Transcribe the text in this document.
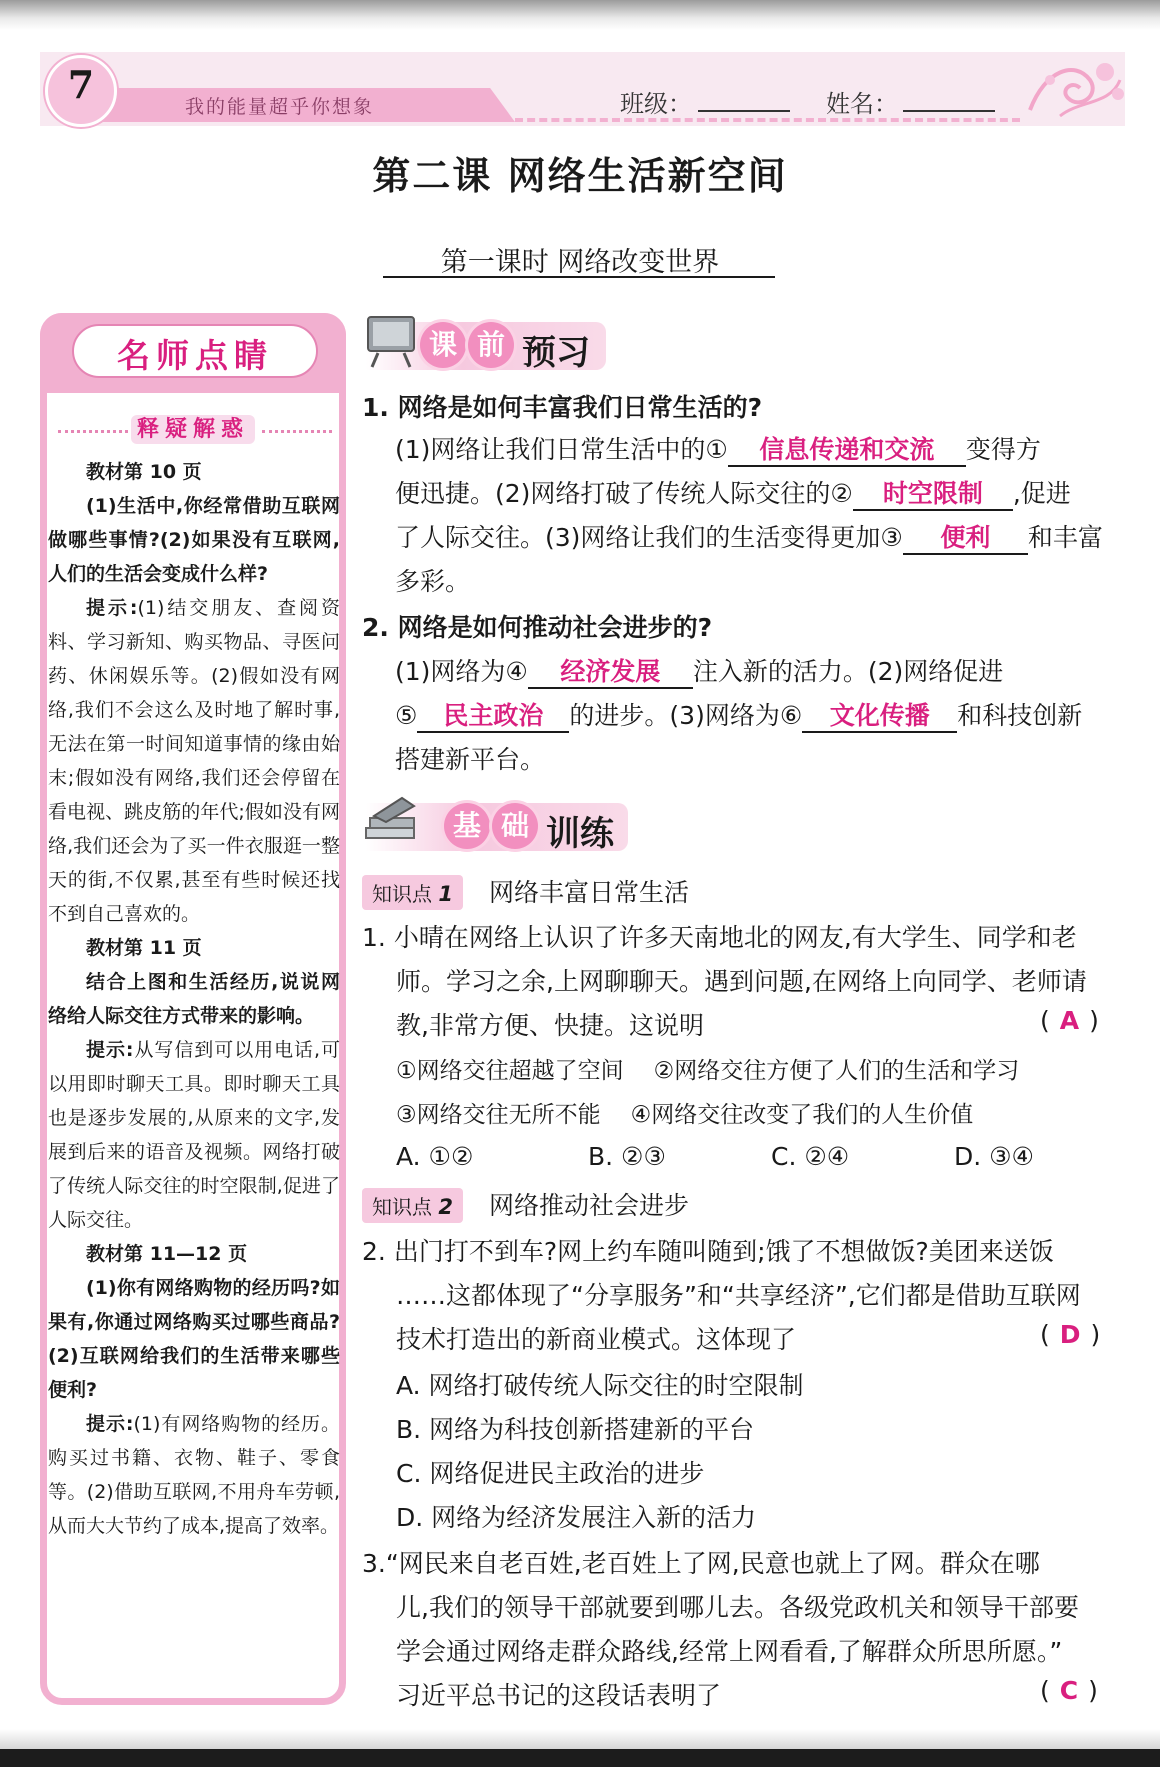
7	我的能量超乎你想象	班级：	姓名：
第二课 网络生活新空间
第一课时 网络改变世界
名师点睛
释疑解惑

教材第 10 页

(1)生活中,你经常借助互联网做哪些事情?(2)如果没有互联网,人们的生活会变成什么样?

提示:(1)结交朋友、查阅资料、学习新知、购买物品、寻医问药、休闲娱乐等。(2)假如没有网络,我们不会这么及时地了解时事,无法在第一时间知道事情的缘由始末;假如没有网络,我们还会停留在看电视、跳皮筋的年代;假如没有网络,我们还会为了买一件衣服逛一整天的街,不仅累,甚至有些时候还找不到自己喜欢的。

教材第 11 页

结合上图和生活经历,说说网络给人际交往方式带来的影响。

提示:从写信到可以用电话,可以用即时聊天工具。即时聊天工具也是逐步发展的,从原来的文字,发展到后来的语音及视频。网络打破了传统人际交往的时空限制,促进了人际交往。

教材第 11—12 页

(1)你有网络购物的经历吗?如果有,你通过网络购买过哪些商品?(2)互联网给我们的生活带来哪些便利?

提示:(1)有网络购物的经历。购买过书籍、衣物、鞋子、零食等。(2)借助互联网,不用舟车劳顿,从而大大节约了成本,提高了效率。

课 前 预习
1. 网络是如何丰富我们日常生活的?
(1)网络让我们日常生活中的① 信息传递和交流 变得方
便迅捷。(2)网络打破了传统人际交往的② 时空限制 ,促进
了人际交往。(3)网络让我们的生活变得更加③ 便利 和丰富
多彩。
2. 网络是如何推动社会进步的?
(1)网络为④ 经济发展 注入新的活力。(2)网络促进
⑤ 民主政治 的进步。(3)网络为⑥ 文化传播 和科技创新
搭建新平台。
基 础 训练
知识点 1 网络丰富日常生活
1. 小晴在网络上认识了许多天南地北的网友,有大学生、同学和老
师。学习之余,上网聊聊天。遇到问题,在网络上向同学、老师请
教,非常方便、快捷。这说明	( A )
①网络交往超越了空间 ②网络交往方便了人们的生活和学习
③网络交往无所不能 ④网络交往改变了我们的人生价值
A. ①②	B. ②③	C. ②④	D. ③④
知识点 2 网络推动社会进步
2. 出门打不到车?网上约车随叫随到;饿了不想做饭?美团来送饭
……这都体现了“分享服务”和“共享经济”,它们都是借助互联网
技术打造出的新商业模式。这体现了	( D )
A. 网络打破传统人际交往的时空限制
B. 网络为科技创新搭建新的平台
C. 网络促进民主政治的进步
D. 网络为经济发展注入新的活力
3.“网民来自老百姓,老百姓上了网,民意也就上了网。群众在哪
儿,我们的领导干部就要到哪儿去。各级党政机关和领导干部要
学会通过网络走群众路线,经常上网看看,了解群众所思所愿。”
习近平总书记的这段话表明了	( C )
